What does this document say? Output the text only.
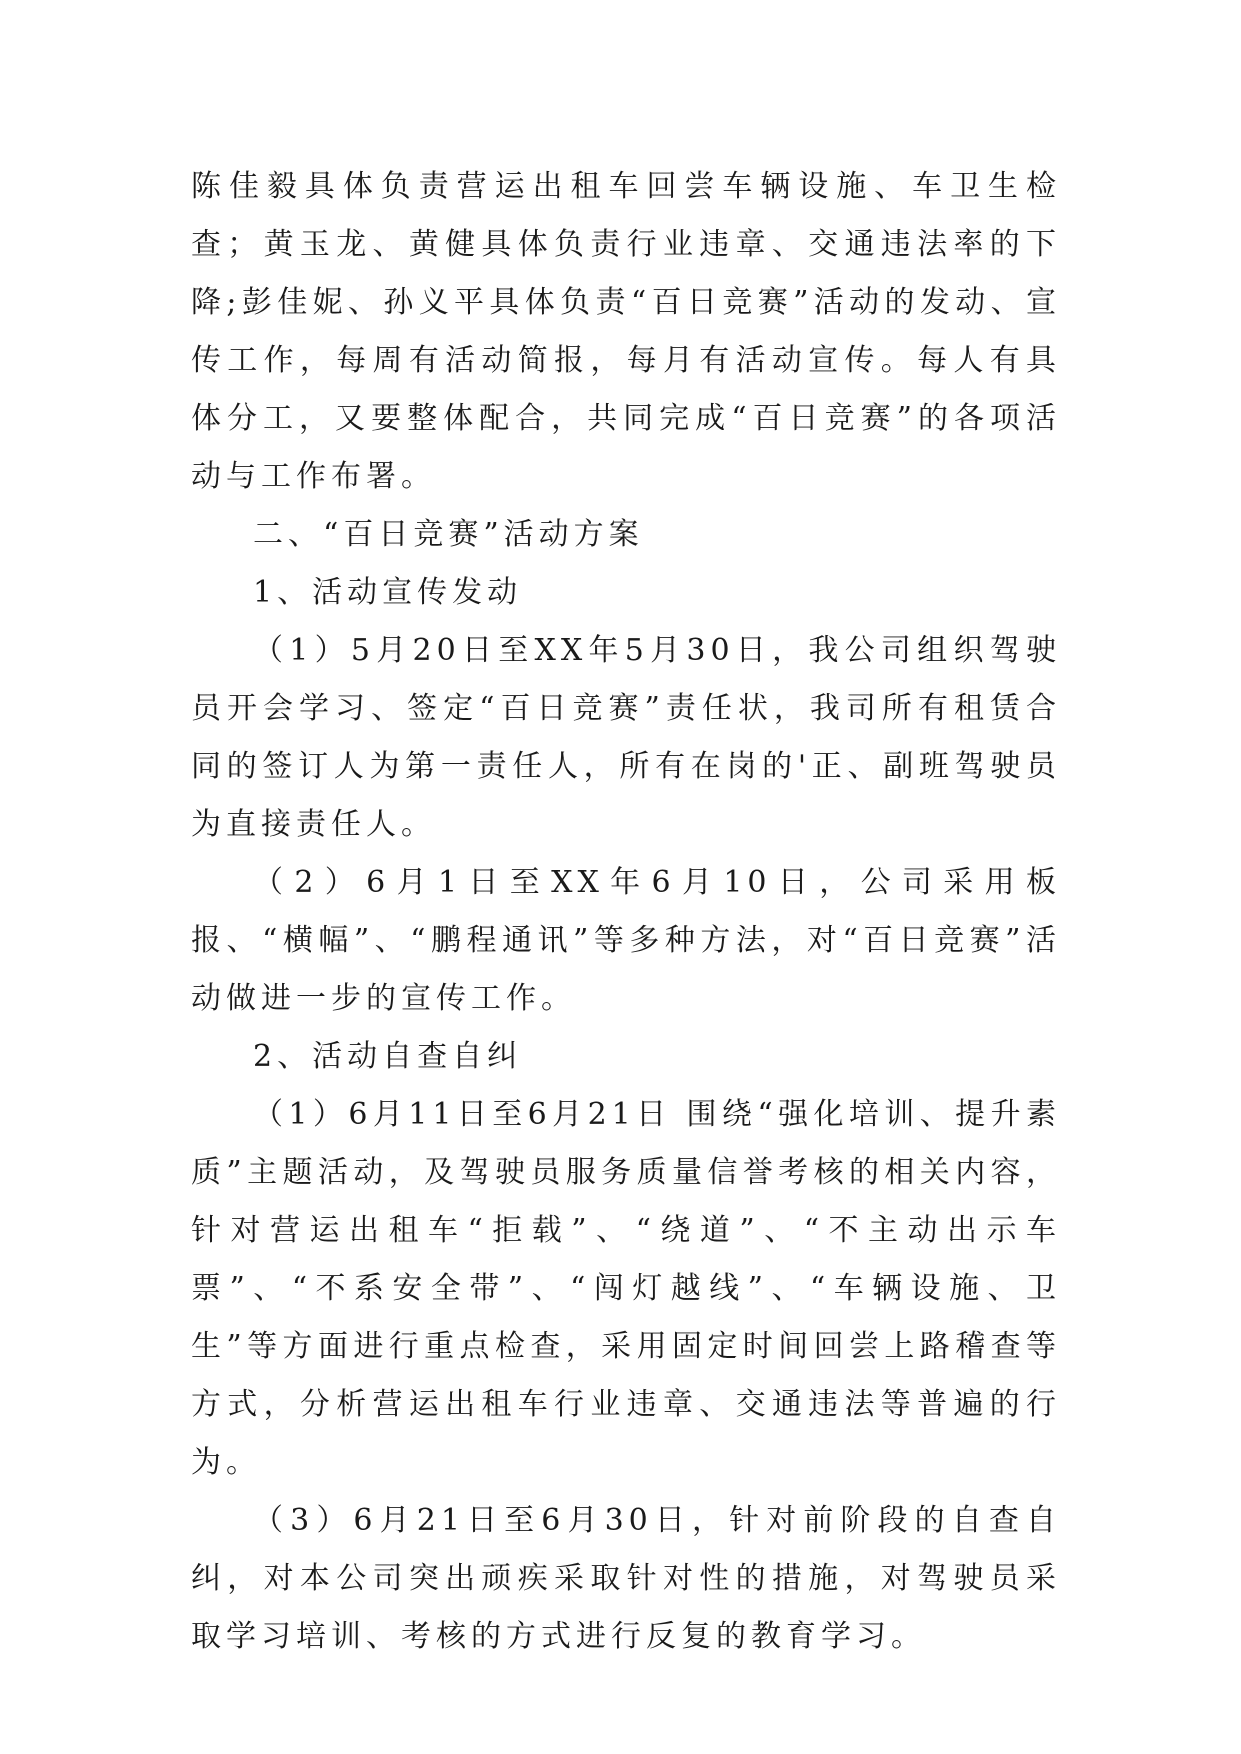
陈佳毅具体负责营运出租车回尝车辆设施、车卫生检查；黄玉龙、黄健具体负责行业违章、交通违法率的下降;彭佳妮、孙义平具体负责“百日竞赛”活动的发动、宣传工作，每周有活动简报，每月有活动宣传。每人有具体分工，又要整体配合，共同完成“百日竞赛”的各项活动与工作布署。

二、“百日竞赛”活动方案

1、活动宣传发动

（1）5月20日至XX年5月30日，我公司组织驾驶员开会学习、签定“百日竞赛”责任状，我司所有租赁合同的签订人为第一责任人，所有在岗的'正、副班驾驶员为直接责任人。

（2）6月1日至XX年6月10日，公司采用板报、“横幅”、“鹏程通讯”等多种方法，对“百日竞赛”活动做进一步的宣传工作。

2、活动自查自纠

（1）6月11日至6月21日 围绕“强化培训、提升素质”主题活动，及驾驶员服务质量信誉考核的相关内容，针对营运出租车“拒载”、“绕道”、“不主动出示车票”、“不系安全带”、“闯灯越线”、“车辆设施、卫生”等方面进行重点检查，采用固定时间回尝上路稽查等方式，分析营运出租车行业违章、交通违法等普遍的行为。

（3）6月21日至6月30日，针对前阶段的自查自纠，对本公司突出顽疾采取针对性的措施，对驾驶员采取学习培训、考核的方式进行反复的教育学习。
